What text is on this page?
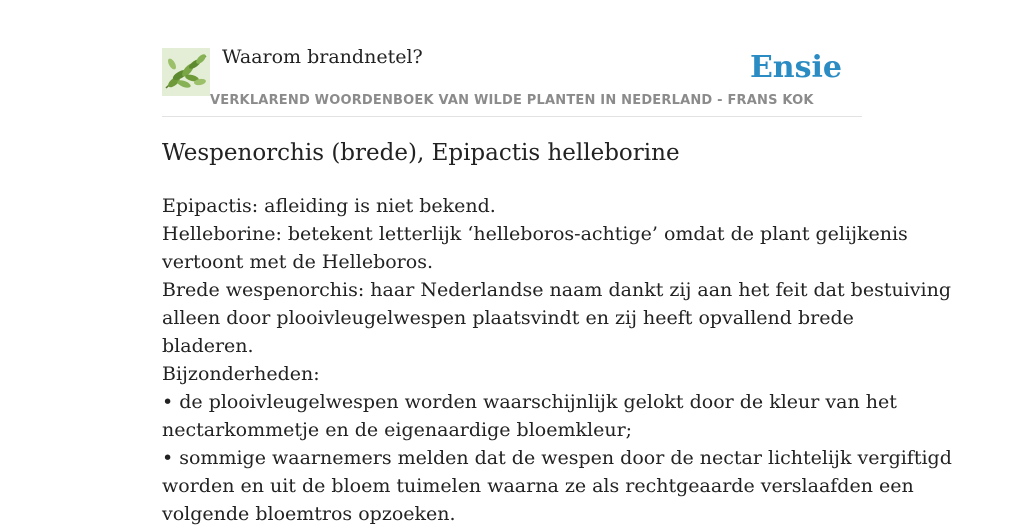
Waarom brandnetel?
VERKLAREND WOORDENBOEK VAN WILDE PLANTEN IN NEDERLAND - FRANS KOK
Ensie
Wespenorchis (brede), Epipactis helleborine

Epipactis: afleiding is niet bekend.

Helleborine: betekent letterlijk ‘helleboros-achtige’ omdat de plant gelijkenis

vertoont met de Helleboros.

Brede wespenorchis: haar Nederlandse naam dankt zij aan het feit dat bestuiving

alleen door plooivleugelwespen plaatsvindt en zij heeft opvallend brede

bladeren.

Bijzonderheden:

• de plooivleugelwespen worden waarschijnlijk gelokt door de kleur van het

nectarkommetje en de eigenaardige bloemkleur;

• sommige waarnemers melden dat de wespen door de nectar lichtelijk vergiftigd

worden en uit de bloem tuimelen waarna ze als rechtgeaarde verslaafden een

volgende bloemtros opzoeken.
